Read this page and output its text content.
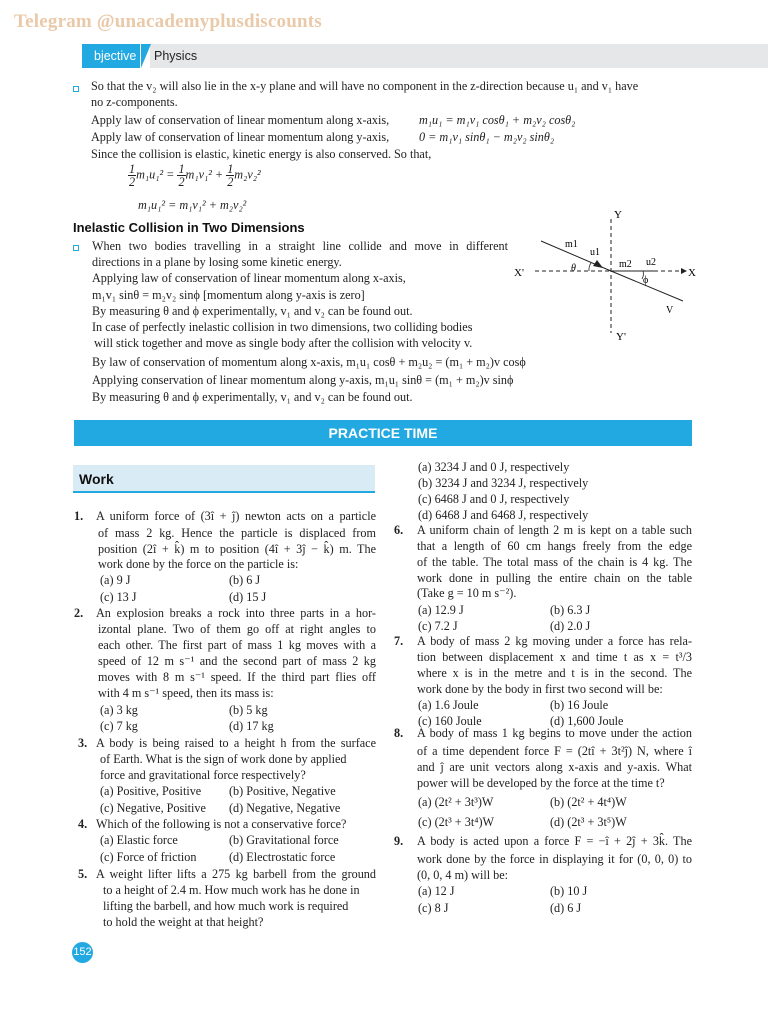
Telegram @unacademyplusdiscounts
bjective	Physics
So that the v₂ will also lie in the x-y plane and will have no component in the z-direction because u₁ and v₁ have
no z-components.
Apply law of conservation of linear momentum along x-axis, m₁u₁ = m₁v₁ cosθ₁ + m₂v₂ cosθ₂
Apply law of conservation of linear momentum along y-axis, 0 = m₁v₁ sinθ₁ − m₂v₂ sinθ₂
Since the collision is elastic, kinetic energy is also conserved. So that,
$\frac{1}{2} m_1u_1^2 = \frac{1}{2} m_1v_1^2 + \frac{1}{2} m_2v_2^2$
m₁u₁² = m₁v₁² + m₂v₂²
Inelastic Collision in Two Dimensions
When two bodies travelling in a straight line collide and move in different
directions in a plane by losing some kinetic energy.
Applying law of conservation of linear momentum along x-axis,
m₁v₁ sinθ = m₂v₂ sinϕ [momentum along y-axis is zero]
By measuring θ and ϕ experimentally, v₁ and v₂ can be found out.
In case of perfectly inelastic collision in two dimensions, two colliding bodies
will stick together and move as single body after the collision with velocity v.
By law of conservation of momentum along x-axis, m₁u₁ cosθ + m₂u₂ = (m₁ + m₂)v cosϕ
Applying conservation of linear momentum along y-axis, m₁u₁ sinθ = (m₁ + m₂)v sinϕ
By measuring θ and ϕ experimentally, v₁ and v₂ can be found out.
Y
Y'
X
X'
m1
u1
m2 u2
θ
ϕ
V
PRACTICE TIME
Work
1. A uniform force of (3î + ĵ) newton acts on a particle
of mass 2 kg. Hence the particle is displaced from
position (2î + k̂) m to position (4î + 3ĵ − k̂) m. The
work done by the force on the particle is:
(a) 9 J	(b) 6 J
(c) 13 J	(d) 15 J
2. An explosion breaks a rock into three parts in a hor-
izontal plane. Two of them go off at right angles to
each other. The first part of mass 1 kg moves with a
speed of 12 m s⁻¹ and the second part of mass 2 kg
moves with 8 m s⁻¹ speed. If the third part flies off
with 4 m s⁻¹ speed, then its mass is:
(a) 3 kg	(b) 5 kg
(c) 7 kg	(d) 17 kg
3. A body is being raised to a height h from the surface
of Earth. What is the sign of work done by applied
force and gravitational force respectively?
(a) Positive, Positive (b) Positive, Negative
(c) Negative, Positive (d) Negative, Negative
4. Which of the following is not a conservative force?
(a) Elastic force	(b) Gravitational force
(c) Force of friction	(d) Electrostatic force
5. A weight lifter lifts a 275 kg barbell from the ground
to a height of 2.4 m. How much work has he done in
lifting the barbell, and how much work is required
to hold the weight at that height?
(a) 3234 J and 0 J, respectively
(b) 3234 J and 3234 J, respectively
(c) 6468 J and 0 J, respectively
(d) 6468 J and 6468 J, respectively
6. A uniform chain of length 2 m is kept on a table such
that a length of 60 cm hangs freely from the edge
of the table. The total mass of the chain is 4 kg. The
work done in pulling the entire chain on the table
(Take g = 10 m s⁻²).
(a) 12.9 J	(b) 6.3 J
(c) 7.2 J	(d) 2.0 J
7. A body of mass 2 kg moving under a force has rela-
tion between displacement x and time t as x = t³/3
where x is in the metre and t is in the second. The
work done by the body in first two second will be:
(a) 1.6 Joule	(b) 16 Joule
(c) 160 Joule	(d) 1,600 Joule
8. A body of mass 1 kg begins to move under the action
of a time dependent force F = (2tî + 3t²ĵ) N, where î
and ĵ are unit vectors along x-axis and y-axis. What
power will be developed by the force at the time t?
(a) (2t² + 3t³)W	(b) (2t² + 4t⁴)W
(c) (2t³ + 3t⁴)W	(d) (2t³ + 3t⁵)W
9. A body is acted upon a force F = −î + 2ĵ + 3k̂. The
work done by the force in displaying it for (0, 0, 0) to
(0, 0, 4 m) will be:
(a) 12 J	(b) 10 J
(c) 8 J	(d) 6 J
152
